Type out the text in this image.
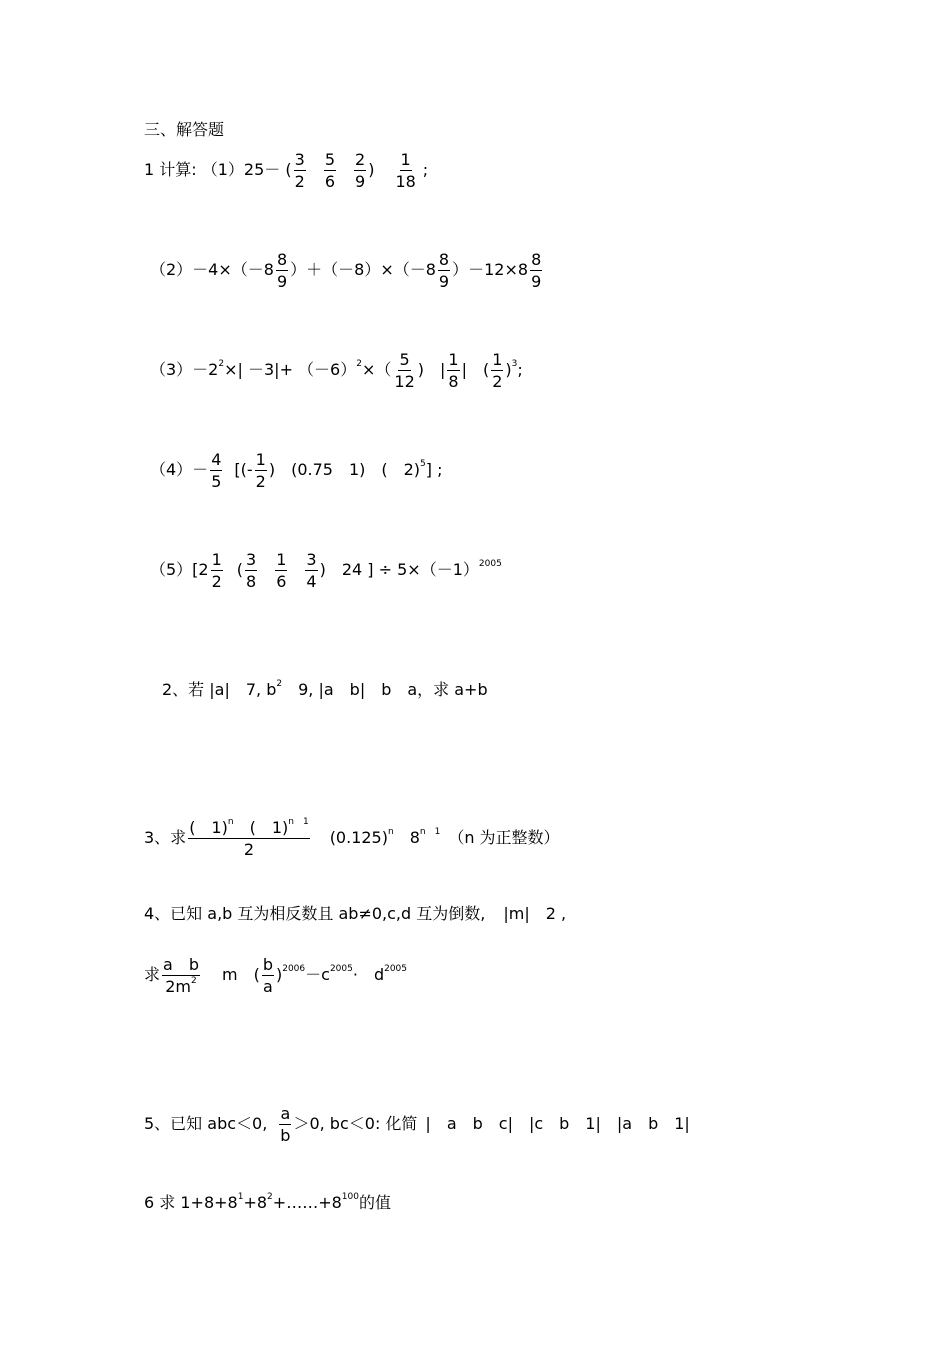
三、解答题
1 计算: （1）25－ ( $\frac{3}{2} \frac{5}{6} \frac{2}{9}$ ) $\frac{1}{18}$ ;
$(2)-4\times(-8 \frac{8}{9} )+(-8)\times(-8 \frac{8}{9} )-12\times 8 \frac{8}{9}$
$(3)-2^2\times| -3|+ (-6)^2\times( \frac{5}{12}$ )　| $\frac{1}{8}$ |　( $\frac{1}{2} )^3$;
$(4)- \frac{4}{5}$ [(- $\frac{1}{2}$ )　(0.75　1)　(　2)$^5$] ;
$(5)[2 \frac{1}{2}$ ( $\frac{3}{8} \frac{1}{6} \frac{3}{4}$ )　24 ] ÷ $5\times(-1)^{2005}$
2、若 |a|　7, $b^2$　9, |a　b|　b　a，求 a+b
3、求 $\frac{( 1)^n ( 1)^{n 1}}{2} (0.125)^n$ $8^{n 1}$ （n 为正整数）
4、已知 a,b 互为相反数且 ab≠0,c,d 互为倒数, |m|　2 ,
求 $\frac{\text{a　b}}{2m^2}$ m　( $\frac{b}{a} )^{2006}-c^{2005}\cdot$　$d^{2005}$
5、已知 abc＜0, $\frac{a}{b} >0$, bc＜0: 化简 |　a　b　c|　|c　b　1|　|a　b　1|
6 求 $1+8+8^1+8^2+\dots\dots+8^{100}$的值
